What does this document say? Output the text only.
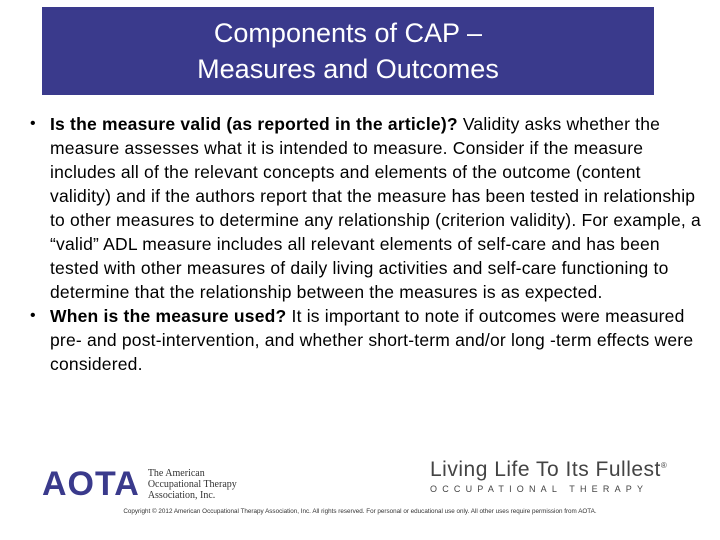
Components of CAP –
Measures and Outcomes
• Is the measure valid (as reported in the article)? Validity asks whether the measure assesses what it is intended to measure. Consider if the measure includes all of the relevant concepts and elements of the outcome (content validity) and if the authors report that the measure has been tested in relationship to other measures to determine any relationship (criterion validity). For example, a “valid” ADL measure includes all relevant elements of self-care and has been tested with other measures of daily living activities and self-care functioning to determine that the relationship between the measures is as expected.
• When is the measure used? It is important to note if outcomes were measured pre- and post-intervention, and whether short-term and/or long -term effects were considered.
AOTA The American
Occupational Therapy
Association, Inc.
Living Life To Its Fullest®
OCCUPATIONAL THERAPY
Copyright © 2012 American Occupational Therapy Association, Inc. All rights reserved. For personal or educational use only. All other uses require permission from AOTA.
